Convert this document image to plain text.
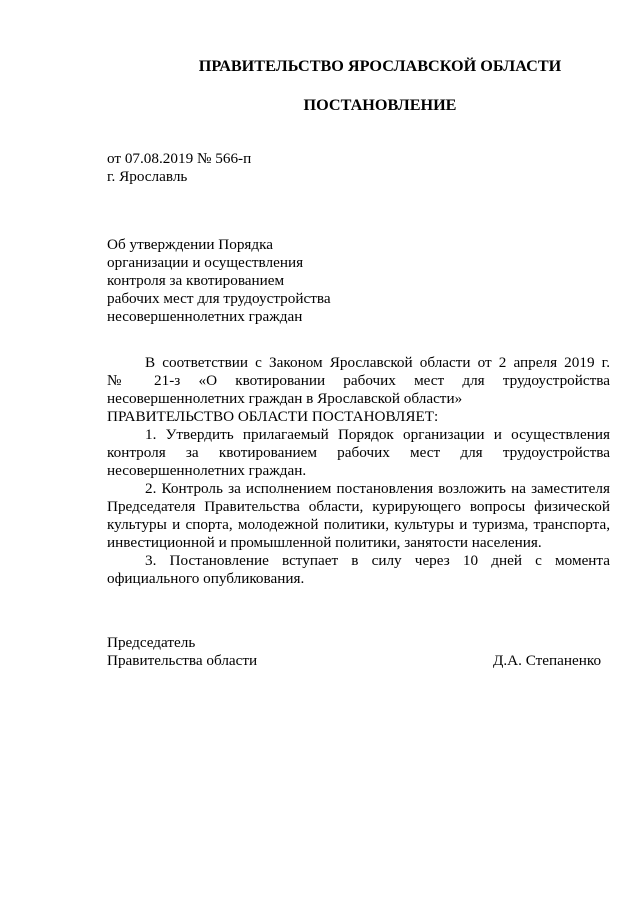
ПРАВИТЕЛЬСТВО ЯРОСЛАВСКОЙ ОБЛАСТИ
ПОСТАНОВЛЕНИЕ
от 07.08.2019 № 566-п
г. Ярославль
Об утверждении Порядка
организации и осуществления
контроля за квотированием
рабочих мест для трудоустройства
несовершеннолетних граждан
В соответствии с Законом Ярославской области от 2 апреля 2019 г.
№ 21-з «О квотировании рабочих мест для трудоустройства
несовершеннолетних граждан в Ярославской области»
ПРАВИТЕЛЬСТВО ОБЛАСТИ ПОСТАНОВЛЯЕТ:
1. Утвердить прилагаемый Порядок организации и осуществления
контроля за квотированием рабочих мест для трудоустройства
несовершеннолетних граждан.
2. Контроль за исполнением постановления возложить на заместителя
Председателя Правительства области, курирующего вопросы физической
культуры и спорта, молодежной политики, культуры и туризма, транспорта,
инвестиционной и промышленной политики, занятости населения.
3. Постановление вступает в силу через 10 дней с момента
официального опубликования.
Председатель
Правительства области	Д.А. Степаненко
